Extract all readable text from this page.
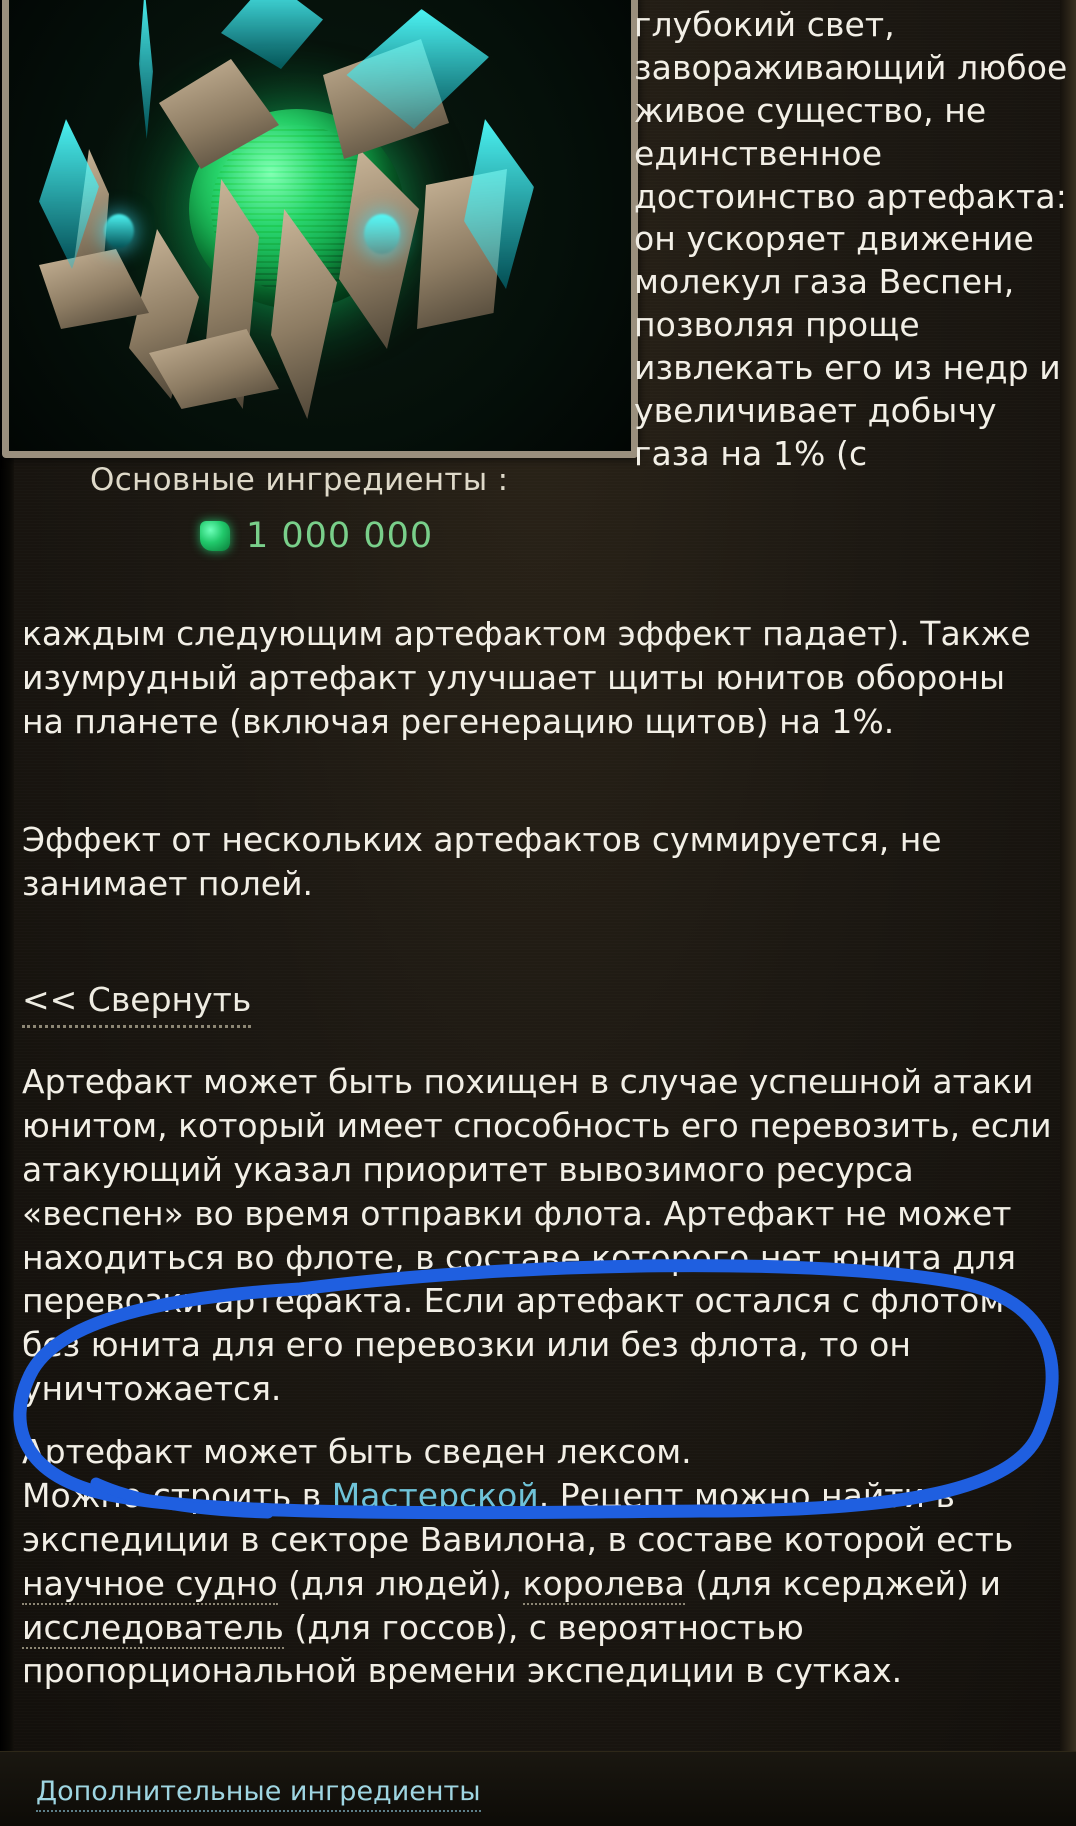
глубокий свет, завораживающий любое живое существо, не единственное достоинство артефакта: он ускоряет движение молекул газа Веспен, позволяя проще извлекать его из недр и увеличивает добычу газа на 1% (с
Основные ингредиенты :
1 000 000
каждым следующим артефактом эффект падает). Также изумрудный артефакт улучшает щиты юнитов обороны на планете (включая регенерацию щитов) на 1%.
Эффект от нескольких артефактов суммируется, не занимает полей.
<< Свернуть
Артефакт может быть похищен в случае успешной атаки юнитом, который имеет способность его перевозить, если атакующий указал приоритет вывозимого ресурса «веспен» во время отправки флота. Артефакт не может находиться во флоте, в составе которого нет юнита для перевозки артефакта. Если артефакт остался с флотом без юнита для его перевозки или без флота, то он уничтожается.
Артефакт может быть сведен лексом.
Можно строить в Мастерской. Рецепт можно найти в экспедиции в секторе Вавилона, в составе которой есть научное судно (для людей), королева (для ксерджей) и исследователь (для госсов), с вероятностью пропорциональной времени экспедиции в сутках.
Дополнительные ингредиенты
